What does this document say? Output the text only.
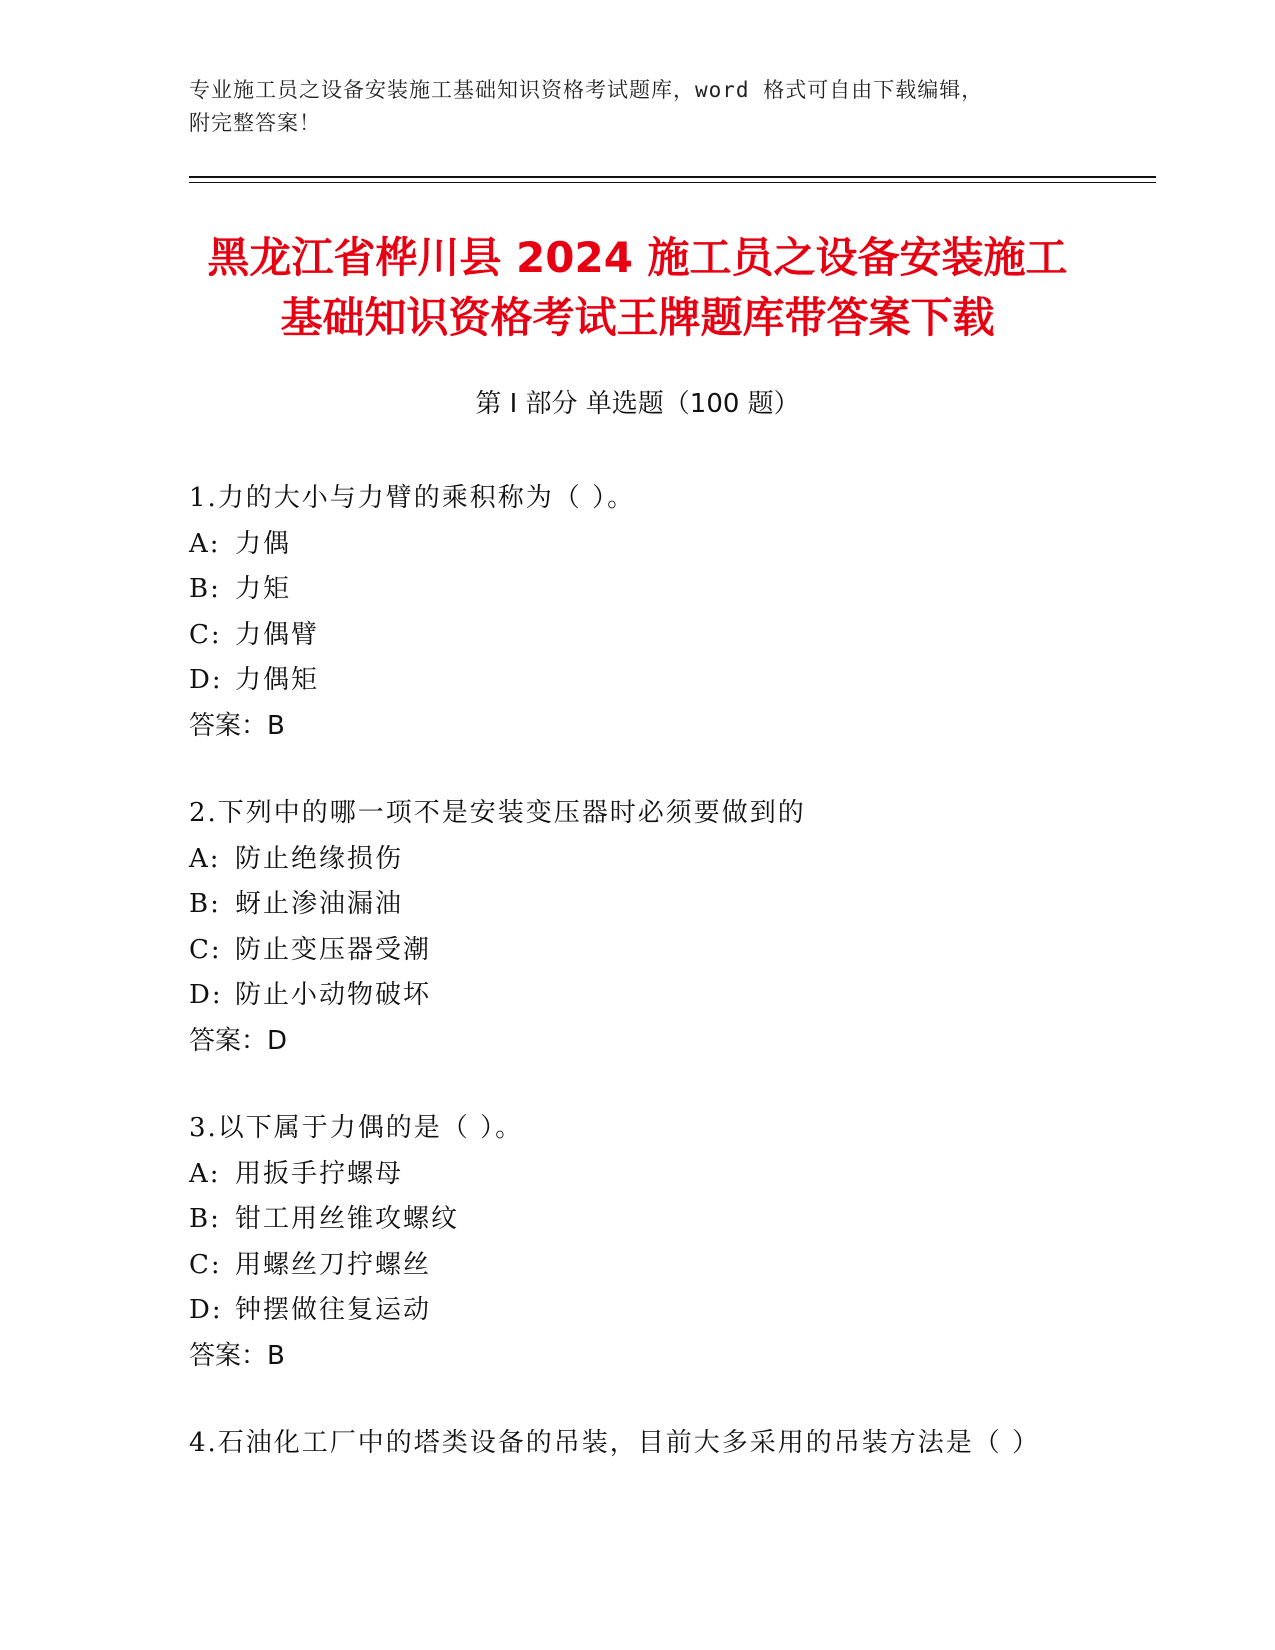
专业施工员之设备安装施工基础知识资格考试题库，word 格式可自由下载编辑，
附完整答案！
黑龙江省桦川县 2024 施工员之设备安装施工
基础知识资格考试王牌题库带答案下载
第 I 部分 单选题（100 题）
1.力的大小与力臂的乘积称为（ ）。
A: 力偶
B: 力矩
C: 力偶臂
D: 力偶矩
答案：B
2.下列中的哪一项不是安装变压器时必须要做到的
A: 防止绝缘损伤
B: 蚜止渗油漏油
C: 防止变压器受潮
D: 防止小动物破坏
答案：D
3.以下属于力偶的是（ ）。
A: 用扳手拧螺母
B: 钳工用丝锥攻螺纹
C: 用螺丝刀拧螺丝
D: 钟摆做往复运动
答案：B
4.石油化工厂中的塔类设备的吊装，目前大多采用的吊装方法是（ ）
